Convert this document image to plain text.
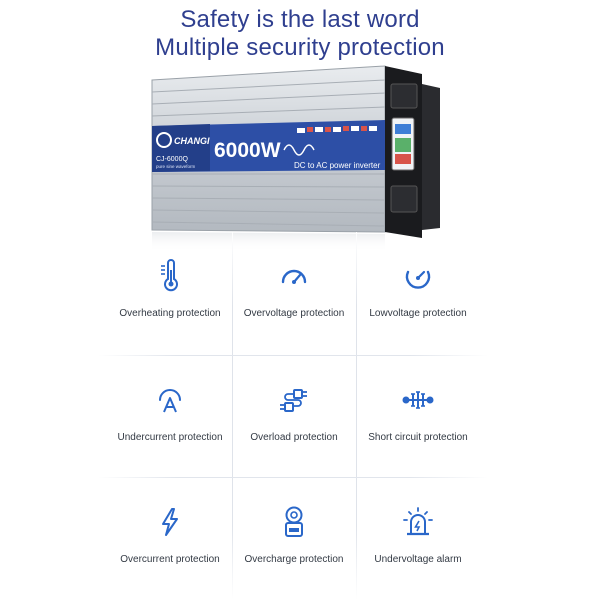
Safety is the last word
Multiple security protection
CHANGI
CJ-6000Q
pure sine waveform
6000W
DC to AC power inverter
Overheating protection	Overvoltage protection	Lowvoltage protection
Undercurrent protection	Overload protection	Short circuit protection
Overcurrent protection	Overcharge protection	Undervoltage alarm
